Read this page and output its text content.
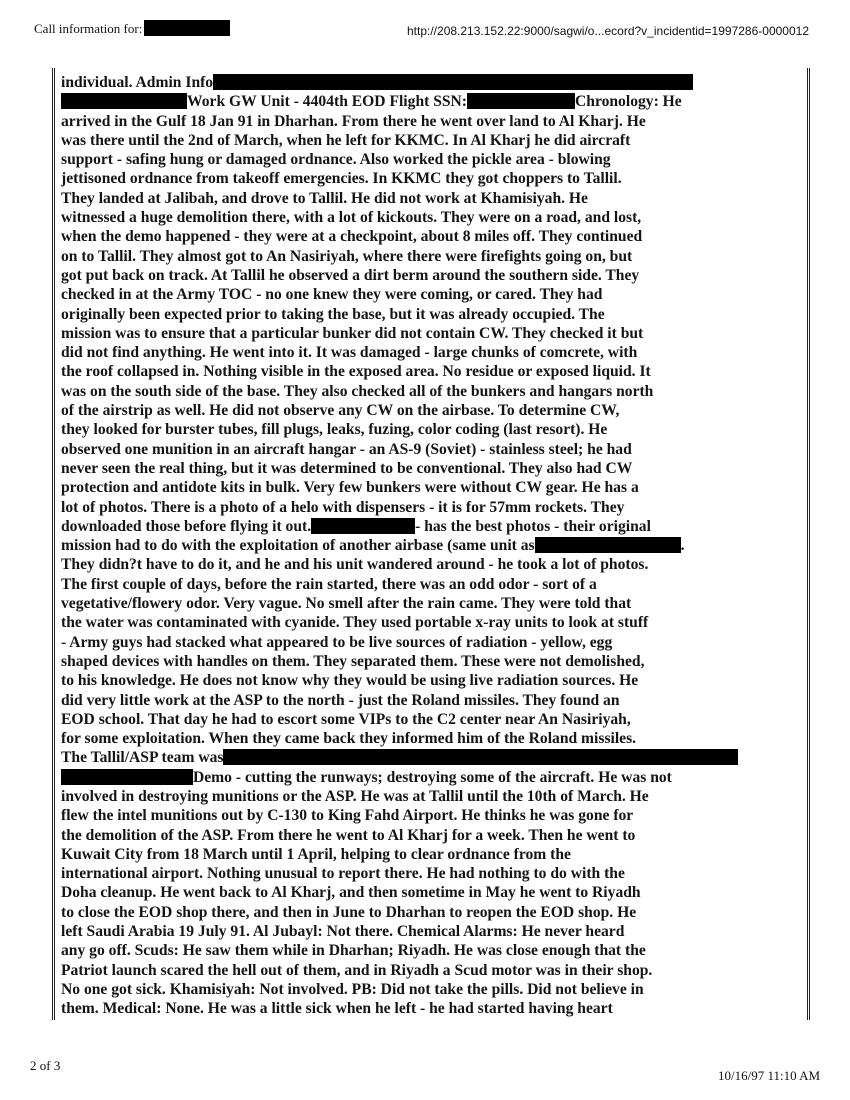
Call information for:	http://208.213.152.22:9000/sagwi/o...ecord?v_incidentid=1997286-0000012
individual. Admin Info
Work GW Unit - 4404th EOD Flight SSN:	Chronology: He
arrived in the Gulf 18 Jan 91 in Dharhan. From there he went over land to Al Kharj. He
was there until the 2nd of March, when he left for KKMC. In Al Kharj he did aircraft
support - safing hung or damaged ordnance. Also worked the pickle area - blowing
jettisoned ordnance from takeoff emergencies. In KKMC they got choppers to Tallil.
They landed at Jalibah, and drove to Tallil. He did not work at Khamisiyah. He
witnessed a huge demolition there, with a lot of kickouts. They were on a road, and lost,
when the demo happened - they were at a checkpoint, about 8 miles off. They continued
on to Tallil. They almost got to An Nasiriyah, where there were firefights going on, but
got put back on track. At Tallil he observed a dirt berm around the southern side. They
checked in at the Army TOC - no one knew they were coming, or cared. They had
originally been expected prior to taking the base, but it was already occupied. The
mission was to ensure that a particular bunker did not contain CW. They checked it but
did not find anything. He went into it. It was damaged - large chunks of comcrete, with
the roof collapsed in. Nothing visible in the exposed area. No residue or exposed liquid. It
was on the south side of the base. They also checked all of the bunkers and hangars north
of the airstrip as well. He did not observe any CW on the airbase. To determine CW,
they looked for burster tubes, fill plugs, leaks, fuzing, color coding (last resort). He
observed one munition in an aircraft hangar - an AS-9 (Soviet) - stainless steel; he had
never seen the real thing, but it was determined to be conventional. They also had CW
protection and antidote kits in bulk. Very few bunkers were without CW gear. He has a
lot of photos. There is a photo of a helo with dispensers - it is for 57mm rockets. They
downloaded those before flying it out.	- has the best photos - their original
mission had to do with the exploitation of another airbase (same unit as	.
They didn?t have to do it, and he and his unit wandered around - he took a lot of photos.
The first couple of days, before the rain started, there was an odd odor - sort of a
vegetative/flowery odor. Very vague. No smell after the rain came. They were told that
the water was contaminated with cyanide. They used portable x-ray units to look at stuff
- Army guys had stacked what appeared to be live sources of radiation - yellow, egg
shaped devices with handles on them. They separated them. These were not demolished,
to his knowledge. He does not know why they would be using live radiation sources. He
did very little work at the ASP to the north - just the Roland missiles. They found an
EOD school. That day he had to escort some VIPs to the C2 center near An Nasiriyah,
for some exploitation. When they came back they informed him of the Roland missiles.
The Tallil/ASP team was
Demo - cutting the runways; destroying some of the aircraft. He was not
involved in destroying munitions or the ASP. He was at Tallil until the 10th of March. He
flew the intel munitions out by C-130 to King Fahd Airport. He thinks he was gone for
the demolition of the ASP. From there he went to Al Kharj for a week. Then he went to
Kuwait City from 18 March until 1 April, helping to clear ordnance from the
international airport. Nothing unusual to report there. He had nothing to do with the
Doha cleanup. He went back to Al Kharj, and then sometime in May he went to Riyadh
to close the EOD shop there, and then in June to Dharhan to reopen the EOD shop. He
left Saudi Arabia 19 July 91. Al Jubayl: Not there. Chemical Alarms: He never heard
any go off. Scuds: He saw them while in Dharhan; Riyadh. He was close enough that the
Patriot launch scared the hell out of them, and in Riyadh a Scud motor was in their shop.
No one got sick. Khamisiyah: Not involved. PB: Did not take the pills. Did not believe in
them. Medical: None. He was a little sick when he left - he had started having heart
2 of 3
10/16/97 11:10 AM
